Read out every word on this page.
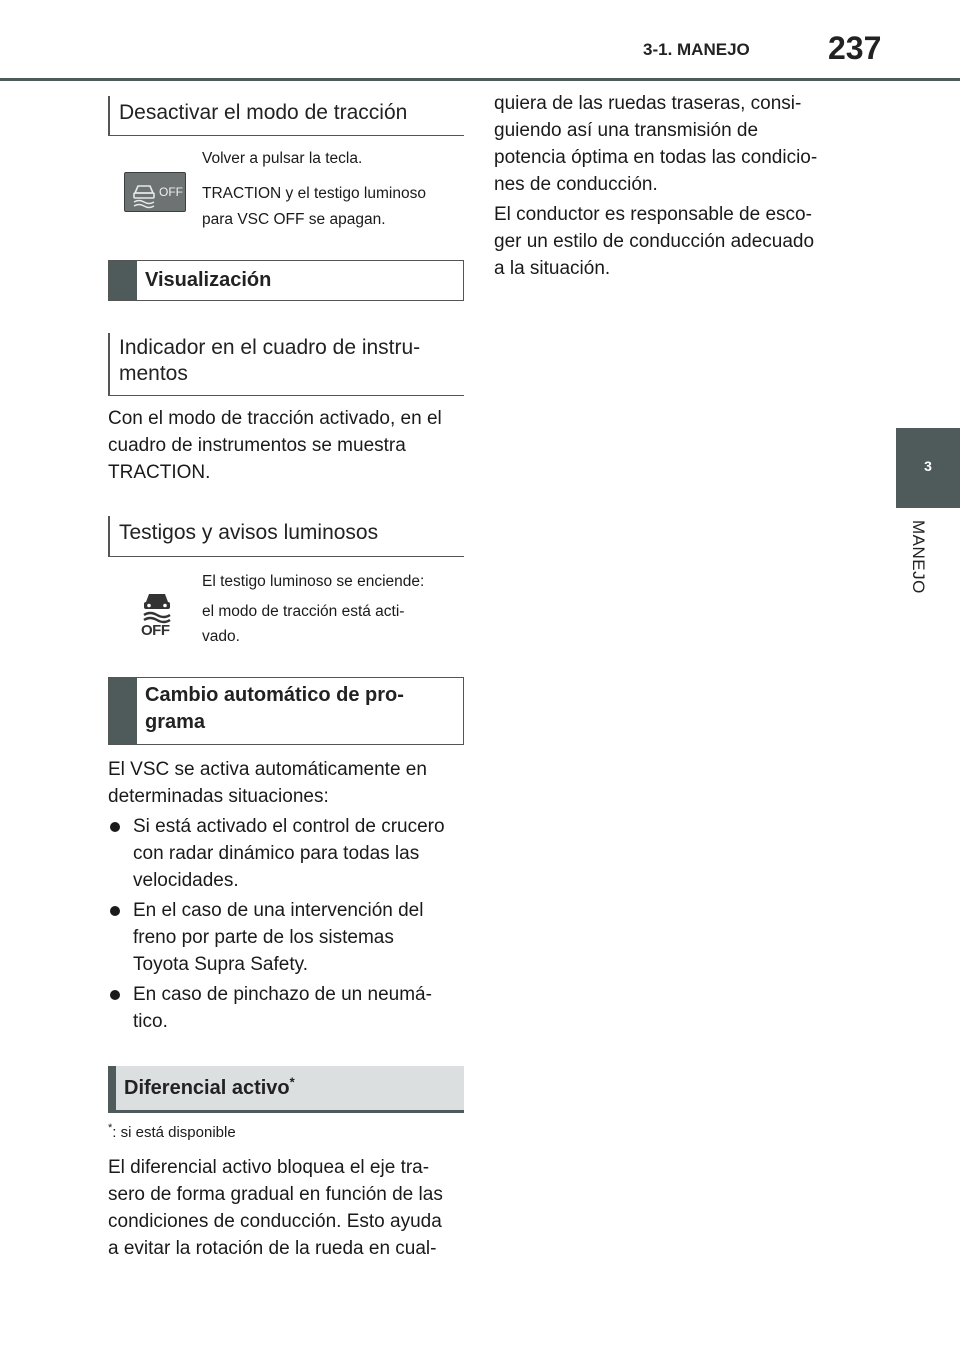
3-1. MANEJO 237
3
MANEJO
Desactivar el modo de tracción
OFF
Volver a pulsar la tecla.
TRACTION y el testigo luminoso
para VSC OFF se apagan.
Visualización
Indicador en el cuadro de instru-
mentos
Con el modo de tracción activado, en el
cuadro de instrumentos se muestra
TRACTION.
Testigos y avisos luminosos
OFF
El testigo luminoso se enciende:
el modo de tracción está acti-
vado.
Cambio automático de pro-
grama
El VSC se activa automáticamente en
determinadas situaciones:
Si está activado el control de crucero
con radar dinámico para todas las
velocidades.
En el caso de una intervención del
freno por parte de los sistemas
Toyota Supra Safety.
En caso de pinchazo de un neumá-
tico.
Diferencial activo*
*: si está disponible
El diferencial activo bloquea el eje tra-
sero de forma gradual en función de las
condiciones de conducción. Esto ayuda
a evitar la rotación de la rueda en cual-
quiera de las ruedas traseras, consi-
guiendo así una transmisión de
potencia óptima en todas las condicio-
nes de conducción.
El conductor es responsable de esco-
ger un estilo de conducción adecuado
a la situación.
